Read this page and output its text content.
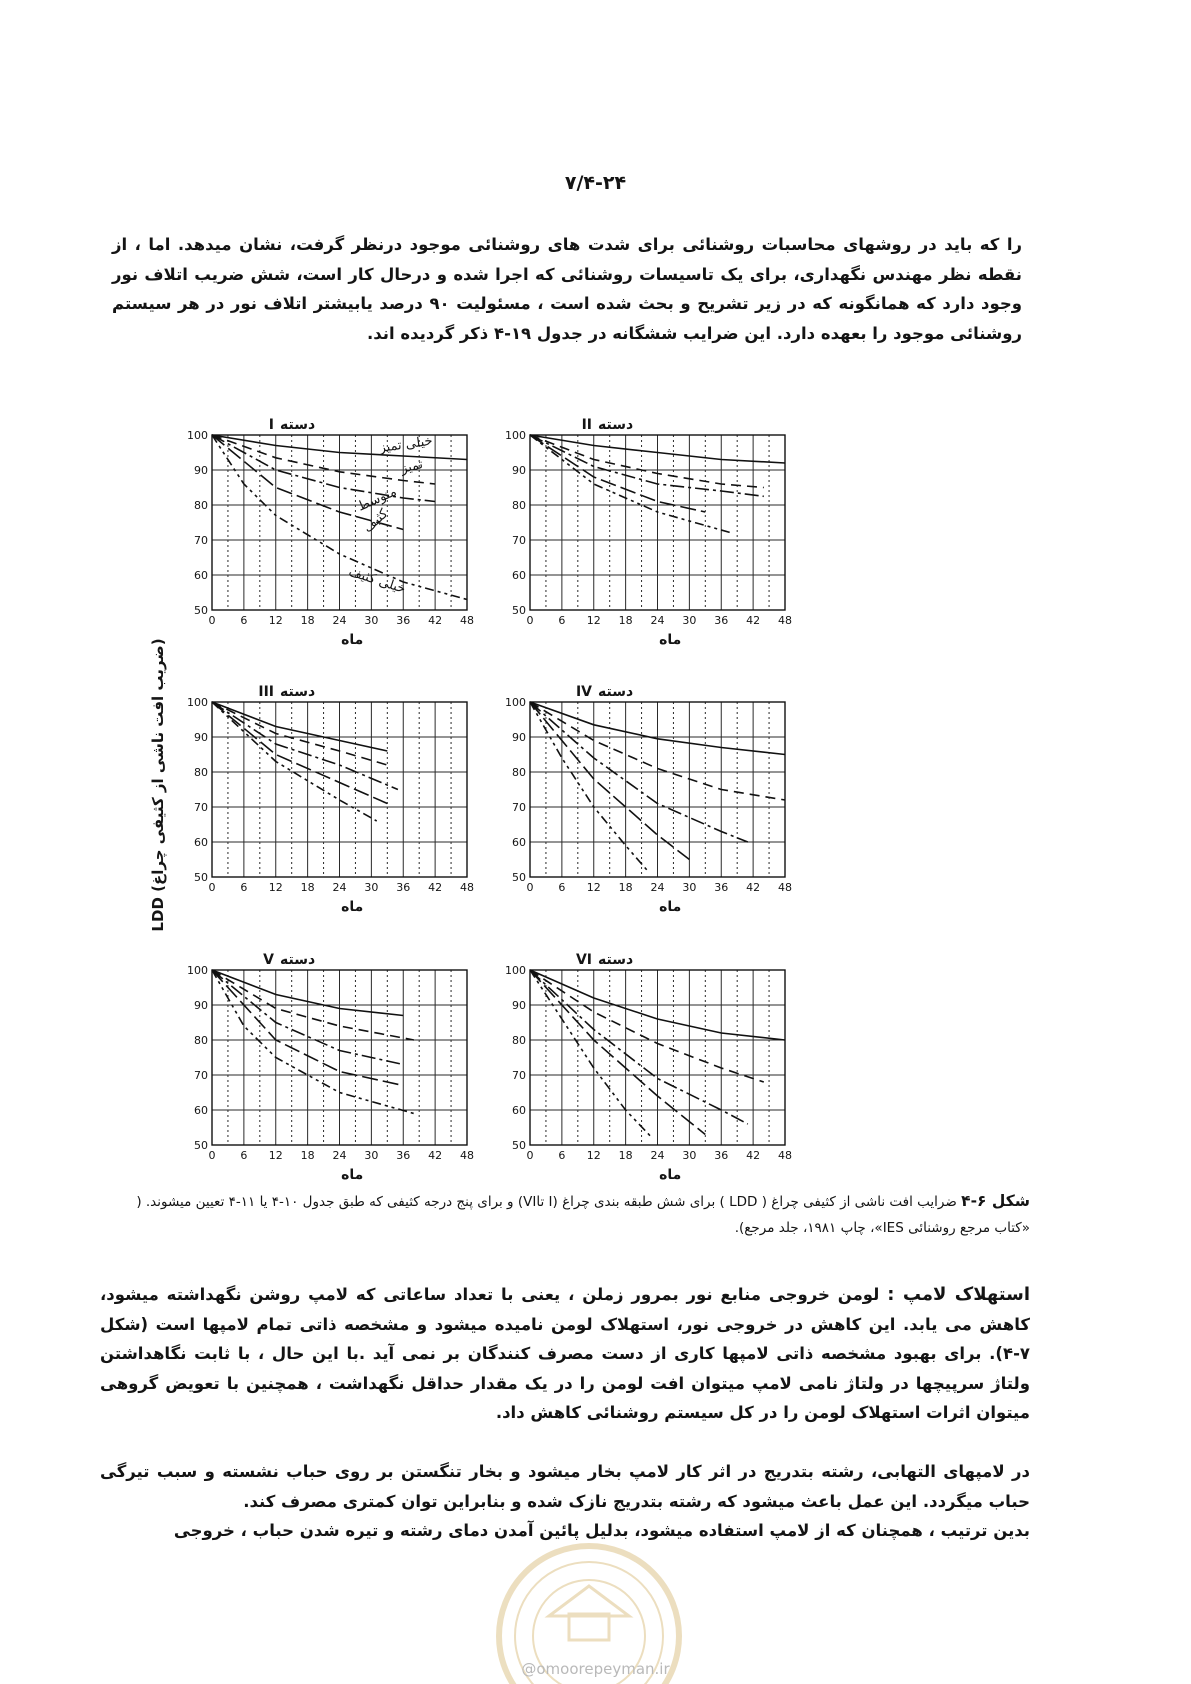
٧/۴-٢۴

را که باید در روشهای محاسبات روشنائی برای شدت های روشنائی موجود درنظر گرفت، نشان میدهد. اما ، از نقطه نظر مهندس نگهداری، برای یک تاسیسات روشنائی که اجرا شده و درحال کار است، شش ضریب اتلاف نور وجود دارد که همانگونه که در زیر تشریح و بحث شده است ، مسئولیت ۹۰ درصد یابیشتر اتلاف نور در هر سیستم روشنائی موجود را بعهده دارد. این ضرایب ششگانه در جدول ۱۹-۴ ذکر گردیده اند.

LDD (ضریب افت ناشی از کثیفی چراغ)
0 6 12 18 24 30 36 42 48
100
90
80
70
60
50
ماه
I دسته
0 6 12 18 24 30 36 42 48
100
90
80
70
60
50
ماه
II دسته
0 6 12 18 24 30 36 42 48
100
90
80
70
60
50
ماه
III دسته
0 6 12 18 24 30 36 42 48
100
90
80
70
60
50
ماه
IV دسته
0 6 12 18 24 30 36 42 48
100
90
80
70
60
50
ماه
V دسته
0 6 12 18 24 30 36 42 48
100
90
80
70
60
50
ماه
VI دسته
خیلی تمیز
تمیز
متوسط
کثیف
خیلی کثیف

شکل ۶-۴ ضرایب افت ناشی از کثیفی چراغ ( LDD ) برای شش طبقه بندی چراغ (I تاVI) و برای پنج درجه کثیفی که طبق جدول ۱۰-۴ یا ۱۱-۴ تعیین میشوند. ( «کتاب مرجع روشنائی IES»، چاپ ۱۹۸۱، جلد مرجع).

استهلاک لامپ : لومن خروجی منابع نور بمرور زملن ، یعنی با تعداد ساعاتی که لامپ روشن نگهداشته میشود، کاهش می یابد. این کاهش در خروجی نور، استهلاک لومن نامیده میشود و مشخصه ذاتی تمام لامپها است (شکل ۷-۴). برای بهبود مشخصه ذاتی لامپها کاری از دست مصرف کنندگان بر نمی آید .با این حال ، با ثابت نگاهداشتن ولتاژ سرپیچها در ولتاژ نامی لامپ میتوان افت لومن را در یک مقدار حداقل نگهداشت ، همچنین با تعویض گروهی میتوان اثرات استهلاک لومن را در کل سیستم روشنائی کاهش داد.

در لامپهای التهابی، رشته بتدریج در اثر کار لامپ بخار میشود و بخار تنگستن بر روی حباب نشسته و سبب تیرگی حباب میگردد. این عمل باعث میشود که رشته بتدریج نازک شده و بنابراین توان کمتری مصرف کند.

بدین ترتیب ، همچنان که از لامپ استفاده میشود، بدلیل پائین آمدن دمای رشته و تیره شدن حباب ، خروجی

@omoorepeyman.ir
